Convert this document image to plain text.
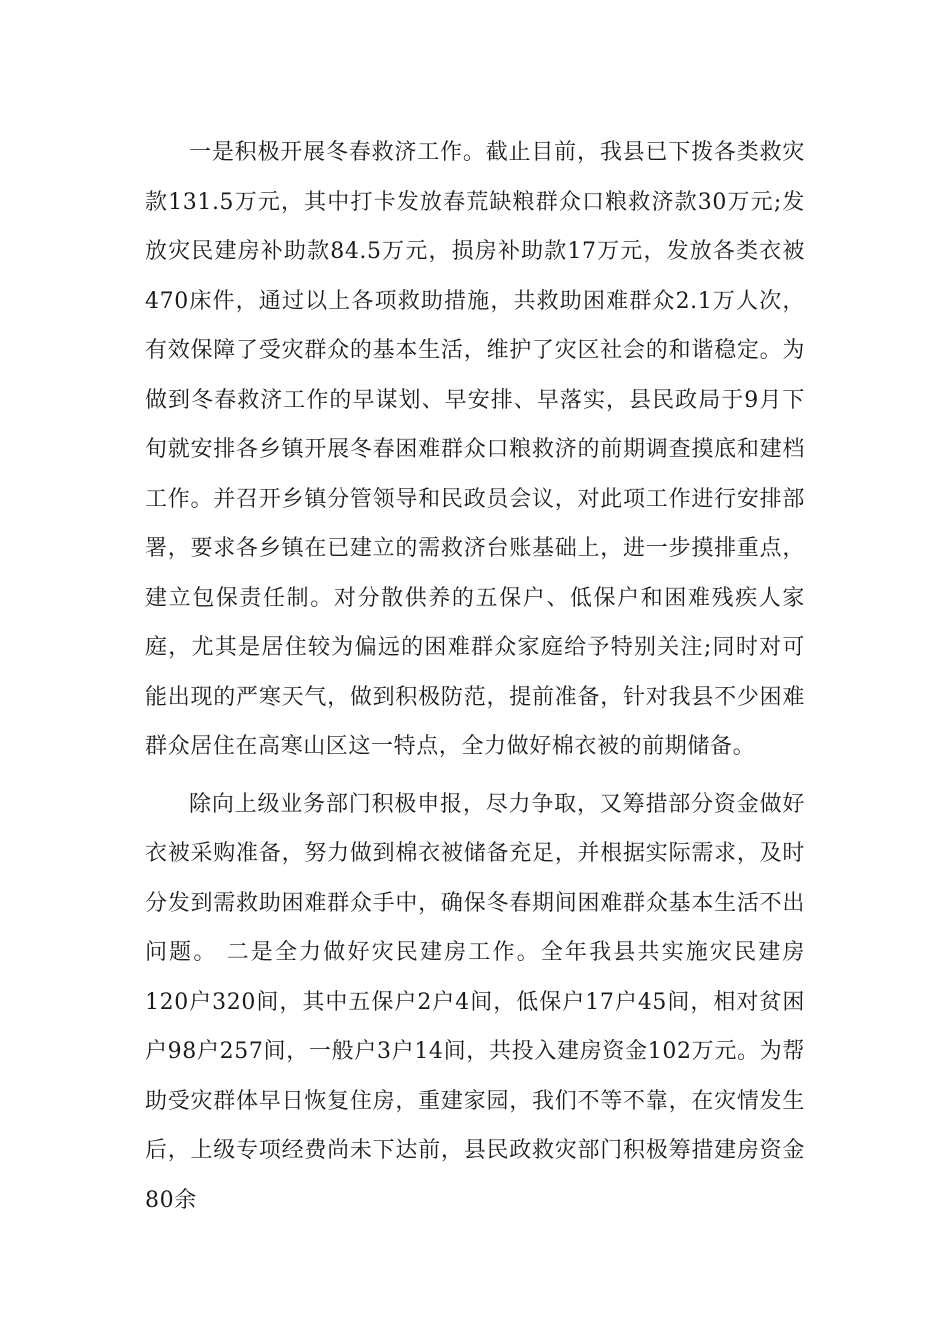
一是积极开展冬春救济工作。截止目前，我县已下拨各类救灾款131.5万元，其中打卡发放春荒缺粮群众口粮救济款30万元;发放灾民建房补助款84.5万元，损房补助款17万元，发放各类衣被470床件，通过以上各项救助措施，共救助困难群众2.1万人次，有效保障了受灾群众的基本生活，维护了灾区社会的和谐稳定。为做到冬春救济工作的早谋划、早安排、早落实，县民政局于9月下旬就安排各乡镇开展冬春困难群众口粮救济的前期调查摸底和建档工作。并召开乡镇分管领导和民政员会议，对此项工作进行安排部署，要求各乡镇在已建立的需救济台账基础上，进一步摸排重点，建立包保责任制。对分散供养的五保户、低保户和困难残疾人家庭，尤其是居住较为偏远的困难群众家庭给予特别关注;同时对可能出现的严寒天气，做到积极防范，提前准备，针对我县不少困难群众居住在高寒山区这一特点，全力做好棉衣被的前期储备。

除向上级业务部门积极申报，尽力争取，又筹措部分资金做好衣被采购准备，努力做到棉衣被储备充足，并根据实际需求，及时分发到需救助困难群众手中，确保冬春期间困难群众基本生活不出问题。 二是全力做好灾民建房工作。全年我县共实施灾民建房120户320间，其中五保户2户4间，低保户17户45间，相对贫困户98户257间，一般户3户14间，共投入建房资金102万元。为帮助受灾群体早日恢复住房，重建家园，我们不等不靠，在灾情发生后，上级专项经费尚未下达前，县民政救灾部门积极筹措建房资金80余
